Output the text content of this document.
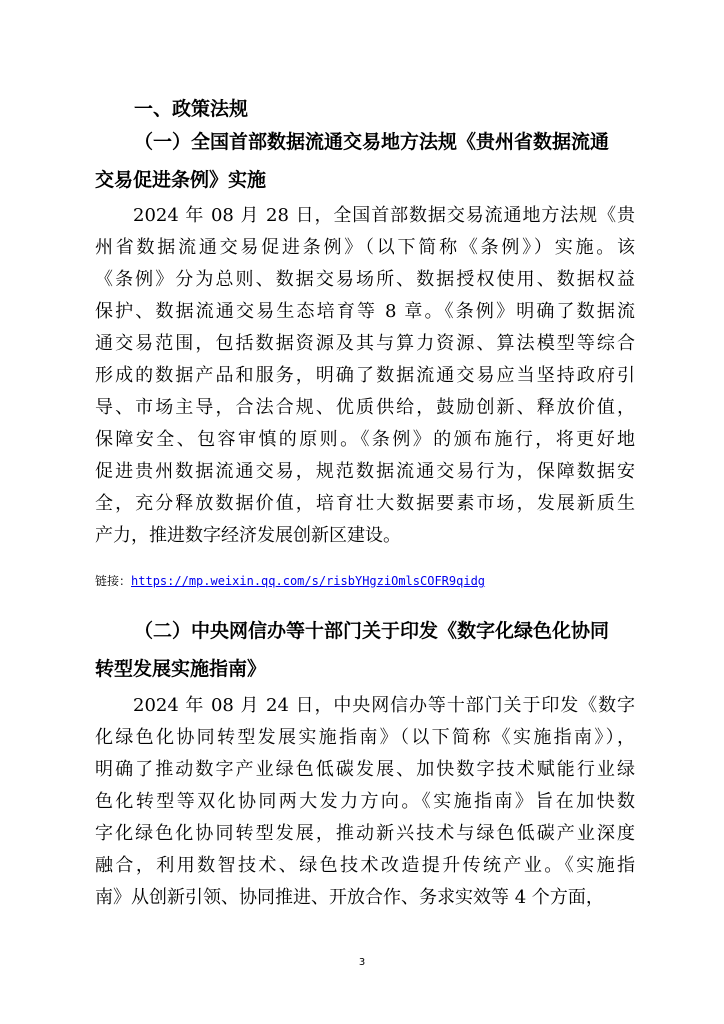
一、政策法规
（一）全国首部数据流通交易地方法规《贵州省数据流通
交易促进条例》实施
2024 年 08 月 28 日，全国首部数据交易流通地方法规《贵
州省数据流通交易促进条例》（以下简称《条例》）实施。该
《条例》分为总则、数据交易场所、数据授权使用、数据权益
保护、数据流通交易生态培育等 8 章。《条例》明确了数据流
通交易范围，包括数据资源及其与算力资源、算法模型等综合
形成的数据产品和服务，明确了数据流通交易应当坚持政府引
导、市场主导，合法合规、优质供给，鼓励创新、释放价值，
保障安全、包容审慎的原则。《条例》的颁布施行，将更好地
促进贵州数据流通交易，规范数据流通交易行为，保障数据安
全，充分释放数据价值，培育壮大数据要素市场，发展新质生
产力，推进数字经济发展创新区建设。
链接：https://mp.weixin.qq.com/s/risbYHgziOmlsCOFR9qidg
（二）中央网信办等十部门关于印发《数字化绿色化协同
转型发展实施指南》
2024 年 08 月 24 日，中央网信办等十部门关于印发《数字
化绿色化协同转型发展实施指南》（以下简称《实施指南》），
明确了推动数字产业绿色低碳发展、加快数字技术赋能行业绿
色化转型等双化协同两大发力方向。《实施指南》旨在加快数
字化绿色化协同转型发展，推动新兴技术与绿色低碳产业深度
融合，利用数智技术、绿色技术改造提升传统产业。《实施指
南》从创新引领、协同推进、开放合作、务求实效等 4 个方面，
3
